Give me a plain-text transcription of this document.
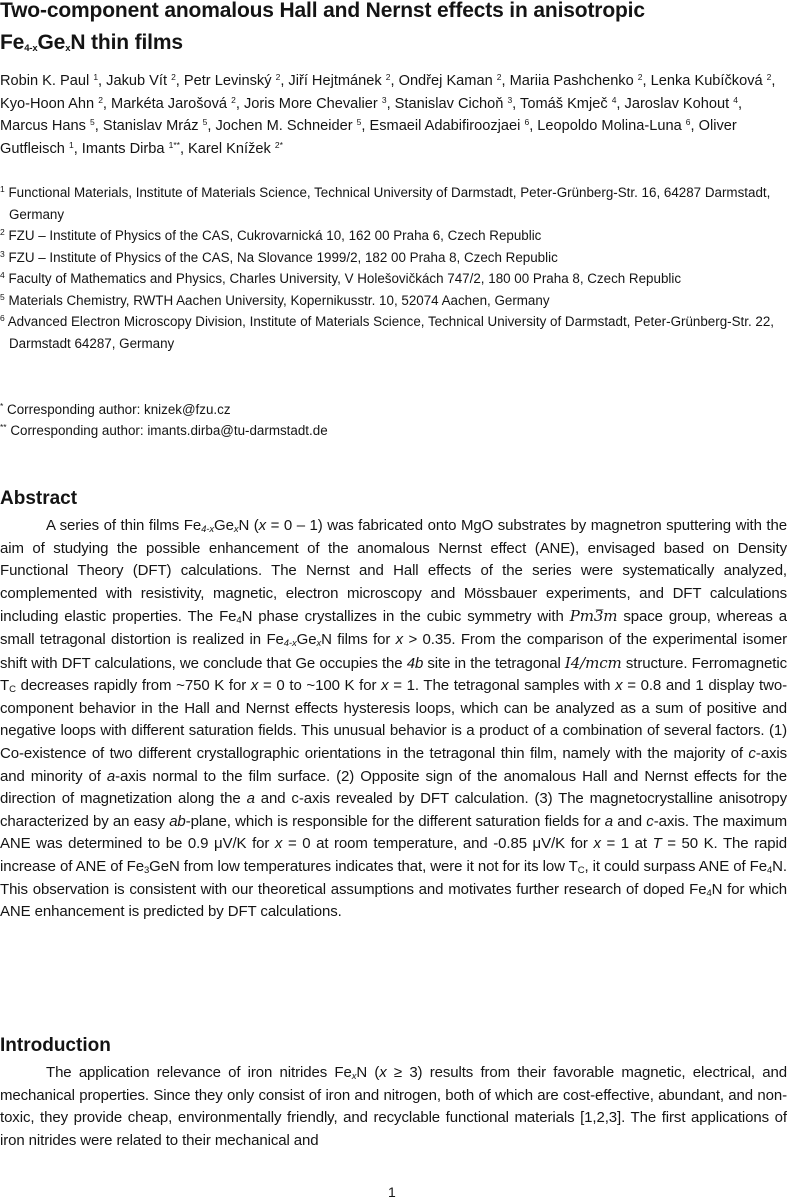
Two-component anomalous Hall and Nernst effects in anisotropic
$Fe_{4-x}Ge_xN$ thin films

Robin K. Paul $^1$, Jakub Vít $^2$, Petr Levinský $^2$, Jiří Hejtmánek $^2$, Ondřej Kaman $^2$, Mariia Pashchenko $^2$, Lenka Kubíčková $^2$, Kyo-Hoon Ahn $^2$, Markéta Jarošová $^2$, Joris More Chevalier $^3$, Stanislav Cichoň $^3$, Tomáš Kmječ $^4$, Jaroslav Kohout $^4$, Marcus Hans $^5$, Stanislav Mráz $^5$, Jochen M. Schneider $^5$, Esmaeil Adabifiroozjaei $^6$, Leopoldo Molina-Luna $^6$, Oliver Gutfleisch $^1$, Imants Dirba $^{1**}$, Karel Knížek $^{2*}$

$^1$ Functional Materials, Institute of Materials Science, Technical University of Darmstadt, Peter-Grünberg-Str. 16, 64287 Darmstadt, Germany
$^2$ FZU – Institute of Physics of the CAS, Cukrovarnická 10, 162 00 Praha 6, Czech Republic
$^3$ FZU – Institute of Physics of the CAS, Na Slovance 1999/2, 182 00 Praha 8, Czech Republic
$^4$ Faculty of Mathematics and Physics, Charles University, V Holešovičkách 747/2, 180 00 Praha 8, Czech Republic
$^5$ Materials Chemistry, RWTH Aachen University, Kopernikusstr. 10, 52074 Aachen, Germany
$^6$ Advanced Electron Microscopy Division, Institute of Materials Science, Technical University of Darmstadt, Peter-Grünberg-Str. 22, Darmstadt 64287, Germany
* Corresponding author: knizek@fzu.cz
** Corresponding author: imants.dirba@tu-darmstadt.de
Abstract

A series of thin films $Fe_{4-x}Ge_xN$ (x = 0 – 1) was fabricated onto MgO substrates by magnetron sputtering with the aim of studying the possible enhancement of the anomalous Nernst effect (ANE), envisaged based on Density Functional Theory (DFT) calculations. The Nernst and Hall effects of the series were systematically analyzed, complemented with resistivity, magnetic, electron microscopy and Mössbauer experiments, and DFT calculations including elastic properties. The $Fe_4N$ phase crystallizes in the cubic symmetry with Pm3̅m space group, whereas a small tetragonal distortion is realized in $Fe_{4-x}Ge_xN$ films for x > 0.35. From the comparison of the experimental isomer shift with DFT calculations, we conclude that Ge occupies the 4b site in the tetragonal I4/mcm structure. Ferromagnetic $T_C$ decreases rapidly from ~750 K for x = 0 to ~100 K for x = 1. The tetragonal samples with x = 0.8 and 1 display two-component behavior in the Hall and Nernst effects hysteresis loops, which can be analyzed as a sum of positive and negative loops with different saturation fields. This unusual behavior is a product of a combination of several factors. (1) Co-existence of two different crystallographic orientations in the tetragonal thin film, namely with the majority of c-axis and minority of a-axis normal to the film surface. (2) Opposite sign of the anomalous Hall and Nernst effects for the direction of magnetization along the a and c-axis revealed by DFT calculation. (3) The magnetocrystalline anisotropy characterized by an easy ab-plane, which is responsible for the different saturation fields for a and c-axis. The maximum ANE was determined to be 0.9 μV/K for x = 0 at room temperature, and -0.85 μV/K for x = 1 at T = 50 K. The rapid increase of ANE of $Fe_3GeN$ from low temperatures indicates that, were it not for its low $T_C$, it could surpass ANE of $Fe_4N$. This observation is consistent with our theoretical assumptions and motivates further research of doped $Fe_4N$ for which ANE enhancement is predicted by DFT calculations.

Introduction

The application relevance of iron nitrides $Fe_xN$ (x ≥ 3) results from their favorable magnetic, electrical, and mechanical properties. Since they only consist of iron and nitrogen, both of which are cost-effective, abundant, and non-toxic, they provide cheap, environmentally friendly, and recyclable functional materials [1,2,3]. The first applications of iron nitrides were related to their mechanical and

1
